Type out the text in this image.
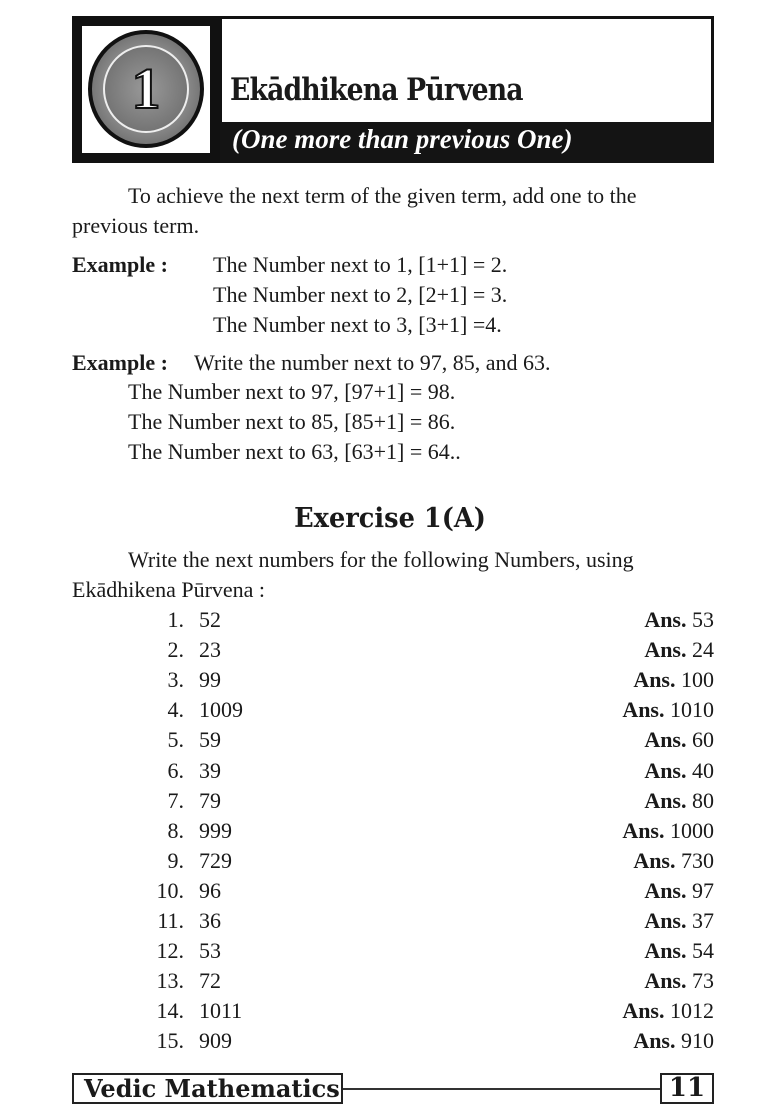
1 Ekādhikena Pūrvena
(One more than previous One)
To achieve the next term of the given term, add one to the
previous term.
Example : The Number next to 1, [1+1] = 2.
The Number next to 2, [2+1] = 3.
The Number next to 3, [3+1] =4.
Example : Write the number next to 97, 85, and 63.
The Number next to 97, [97+1] = 98.
The Number next to 85, [85+1] = 86.
The Number next to 63, [63+1] = 64..
Exercise 1(A)
Write the next numbers for the following Numbers, using
Ekādhikena Pūrvena :
1. 52	Ans. 53
2. 23	Ans. 24
3. 99	Ans. 100
4. 1009	Ans. 1010
5. 59	Ans. 60
6. 39	Ans. 40
7. 79	Ans. 80
8. 999	Ans. 1000
9. 729	Ans. 730
10. 96	Ans. 97
11. 36	Ans. 37
12. 53	Ans. 54
13. 72	Ans. 73
14. 1011	Ans. 1012
15. 909	Ans. 910
Vedic Mathematics	11
